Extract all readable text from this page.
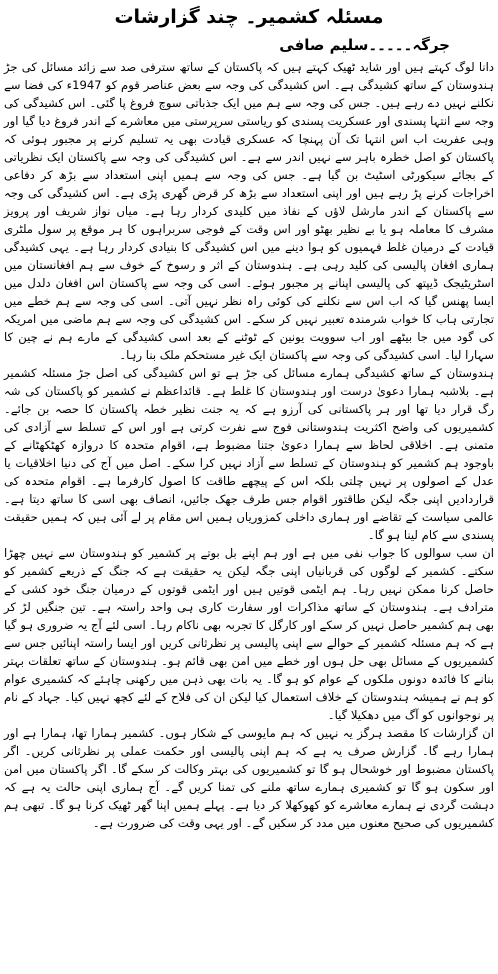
مسئلہ کشمیر۔ چند گزارشات
جرگہ۔۔۔۔۔سلیم صافی

دانا لوگ کہتے ہیں اور شاید ٹھیک کہتے ہیں کہ پاکستان کے ساتھ سترفی صد سے زائد مسائل کی جڑ ہندوستان کے ساتھ کشیدگی ہے۔ اس کشیدگی کی وجہ سے بعض عناصر قوم کو 1947ء کی فضا سے نکلنے نہیں دے رہے ہیں۔ جس کی وجہ سے ہم میں ایک جذباتی سوچ فروغ پا گئی۔ اس کشیدگی کی وجہ سے انتہا پسندی اور عسکریت پسندی کو ریاستی سرپرستی میں معاشرے کے اندر فروغ دیا گیا اور وہی عفریت اب اس انتہا تک آن پہنچا کہ عسکری قیادت بھی یہ تسلیم کرنے پر مجبور ہوئی کہ پاکستان کو اصل خطرہ باہر سے نہیں اندر سے ہے۔ اس کشیدگی کی وجہ سے پاکستان ایک نظریاتی کے بجائے سیکورٹی اسٹیٹ بن گیا ہے۔ جس کی وجہ سے ہمیں اپنی استعداد سے بڑھ کر دفاعی اخراجات کرنے پڑ رہے ہیں اور اپنی استعداد سے بڑھ کر قرض گھری پڑی ہے۔ اس کشیدگی کی وجہ سے پاکستان کے اندر مارشل لاؤں کے نفاذ میں کلیدی کردار رہا ہے۔ میاں نواز شریف اور پرویز مشرف کا معاملہ ہو یا بے نظیر بھٹو اور اس وقت کے فوجی سربراہوں کا ہر موقع پر سول ملٹری قیادت کے درمیان غلط فہمیوں کو ہوا دینے میں اس کشیدگی کا بنیادی کردار رہا ہے۔ یہی کشیدگی ہماری افغان پالیسی کی کلید رہی ہے۔ ہندوستان کے اثر و رسوخ کے خوف سے ہم افغانستان میں اسٹریٹیجک ڈیپتھ کی پالیسی اپنانے پر مجبور ہوئے۔ اسی کی وجہ سے پاکستان اس افغان دلدل میں ایسا پھنس گیا کہ اب اس سے نکلنے کی کوئی راہ نظر نہیں آتی۔ اسی کی وجہ سے ہم خطے میں تجارتی ہاب کا خواب شرمندہ تعبیر نہیں کر سکے۔ اس کشیدگی کی وجہ سے ہم ماضی میں امریکہ کی گود میں جا بیٹھے اور اب سوویت یونین کے ٹوٹنے کے بعد اسی کشیدگی کے مارے ہم نے چین کا سہارا لیا۔ اسی کشیدگی کی وجہ سے پاکستان ایک غیر مستحکم ملک بنا رہا۔

ہندوستان کے ساتھ کشیدگی ہمارے مسائل کی جڑ ہے تو اس کشیدگی کی اصل جڑ مسئلہ کشمیر ہے۔ بلاشبہ ہمارا دعویٰ درست اور ہندوستان کا غلط ہے۔ قائداعظم نے کشمیر کو پاکستان کی شہ رگ قرار دیا تھا اور ہر پاکستانی کی آرزو ہے کہ یہ جنت نظیر خطہ پاکستان کا حصہ بن جائے۔ کشمیریوں کی واضح اکثریت ہندوستانی فوج سے نفرت کرتی ہے اور اس کے تسلط سے آزادی کی متمنی ہے۔ اخلاقی لحاظ سے ہمارا دعویٰ جتنا مضبوط ہے، اقوام متحدہ کا دروازہ کھٹکھٹانے کے باوجود ہم کشمیر کو ہندوستان کے تسلط سے آزاد نہیں کرا سکے۔ اصل میں آج کی دنیا اخلاقیات یا عدل کے اصولوں پر نہیں چلتی بلکہ اس کے پیچھے طاقت کا اصول کارفرما ہے۔ اقوام متحدہ کی قراردادیں اپنی جگہ لیکن طاقتور اقوام جس طرف جھک جائیں، انصاف بھی اسی کا ساتھ دیتا ہے۔ عالمی سیاست کے تقاضے اور ہماری داخلی کمزوریاں ہمیں اس مقام پر لے آئی ہیں کہ ہمیں حقیقت پسندی سے کام لینا ہو گا۔

ان سب سوالوں کا جواب نفی میں ہے اور ہم اپنے بل بوتے پر کشمیر کو ہندوستان سے نہیں چھڑا سکتے۔ کشمیر کے لوگوں کی قربانیاں اپنی جگہ لیکن یہ حقیقت ہے کہ جنگ کے ذریعے کشمیر کو حاصل کرنا ممکن نہیں رہا۔ ہم ایٹمی قوتیں ہیں اور ایٹمی قوتوں کے درمیان جنگ خود کشی کے مترادف ہے۔ ہندوستان کے ساتھ مذاکرات اور سفارت کاری ہی واحد راستہ ہے۔ تین جنگیں لڑ کر بھی ہم کشمیر حاصل نہیں کر سکے اور کارگل کا تجربہ بھی ناکام رہا۔ اسی لئے آج یہ ضروری ہو گیا ہے کہ ہم مسئلہ کشمیر کے حوالے سے اپنی پالیسی پر نظرثانی کریں اور ایسا راستہ اپنائیں جس سے کشمیریوں کے مسائل بھی حل ہوں اور خطے میں امن بھی قائم ہو۔ ہندوستان کے ساتھ تعلقات بہتر بنانے کا فائدہ دونوں ملکوں کے عوام کو ہو گا۔ یہ بات بھی ذہن میں رکھنی چاہئے کہ کشمیری عوام کو ہم نے ہمیشہ ہندوستان کے خلاف استعمال کیا لیکن ان کی فلاح کے لئے کچھ نہیں کیا۔ جہاد کے نام پر نوجوانوں کو آگ میں دھکیلا گیا۔

ان گزارشات کا مقصد ہرگز یہ نہیں کہ ہم مایوسی کے شکار ہوں۔ کشمیر ہمارا تھا، ہمارا ہے اور ہمارا رہے گا۔ گزارش صرف یہ ہے کہ ہم اپنی پالیسی اور حکمت عملی پر نظرثانی کریں۔ اگر پاکستان مضبوط اور خوشحال ہو گا تو کشمیریوں کی بہتر وکالت کر سکے گا۔ اگر پاکستان میں امن اور سکون ہو گا تو کشمیری ہمارے ساتھ ملنے کی تمنا کریں گے۔ آج ہماری اپنی حالت یہ ہے کہ دہشت گردی نے ہمارے معاشرے کو کھوکھلا کر دیا ہے۔ پہلے ہمیں اپنا گھر ٹھیک کرنا ہو گا۔ تبھی ہم کشمیریوں کی صحیح معنوں میں مدد کر سکیں گے۔ اور یہی وقت کی ضرورت ہے۔
